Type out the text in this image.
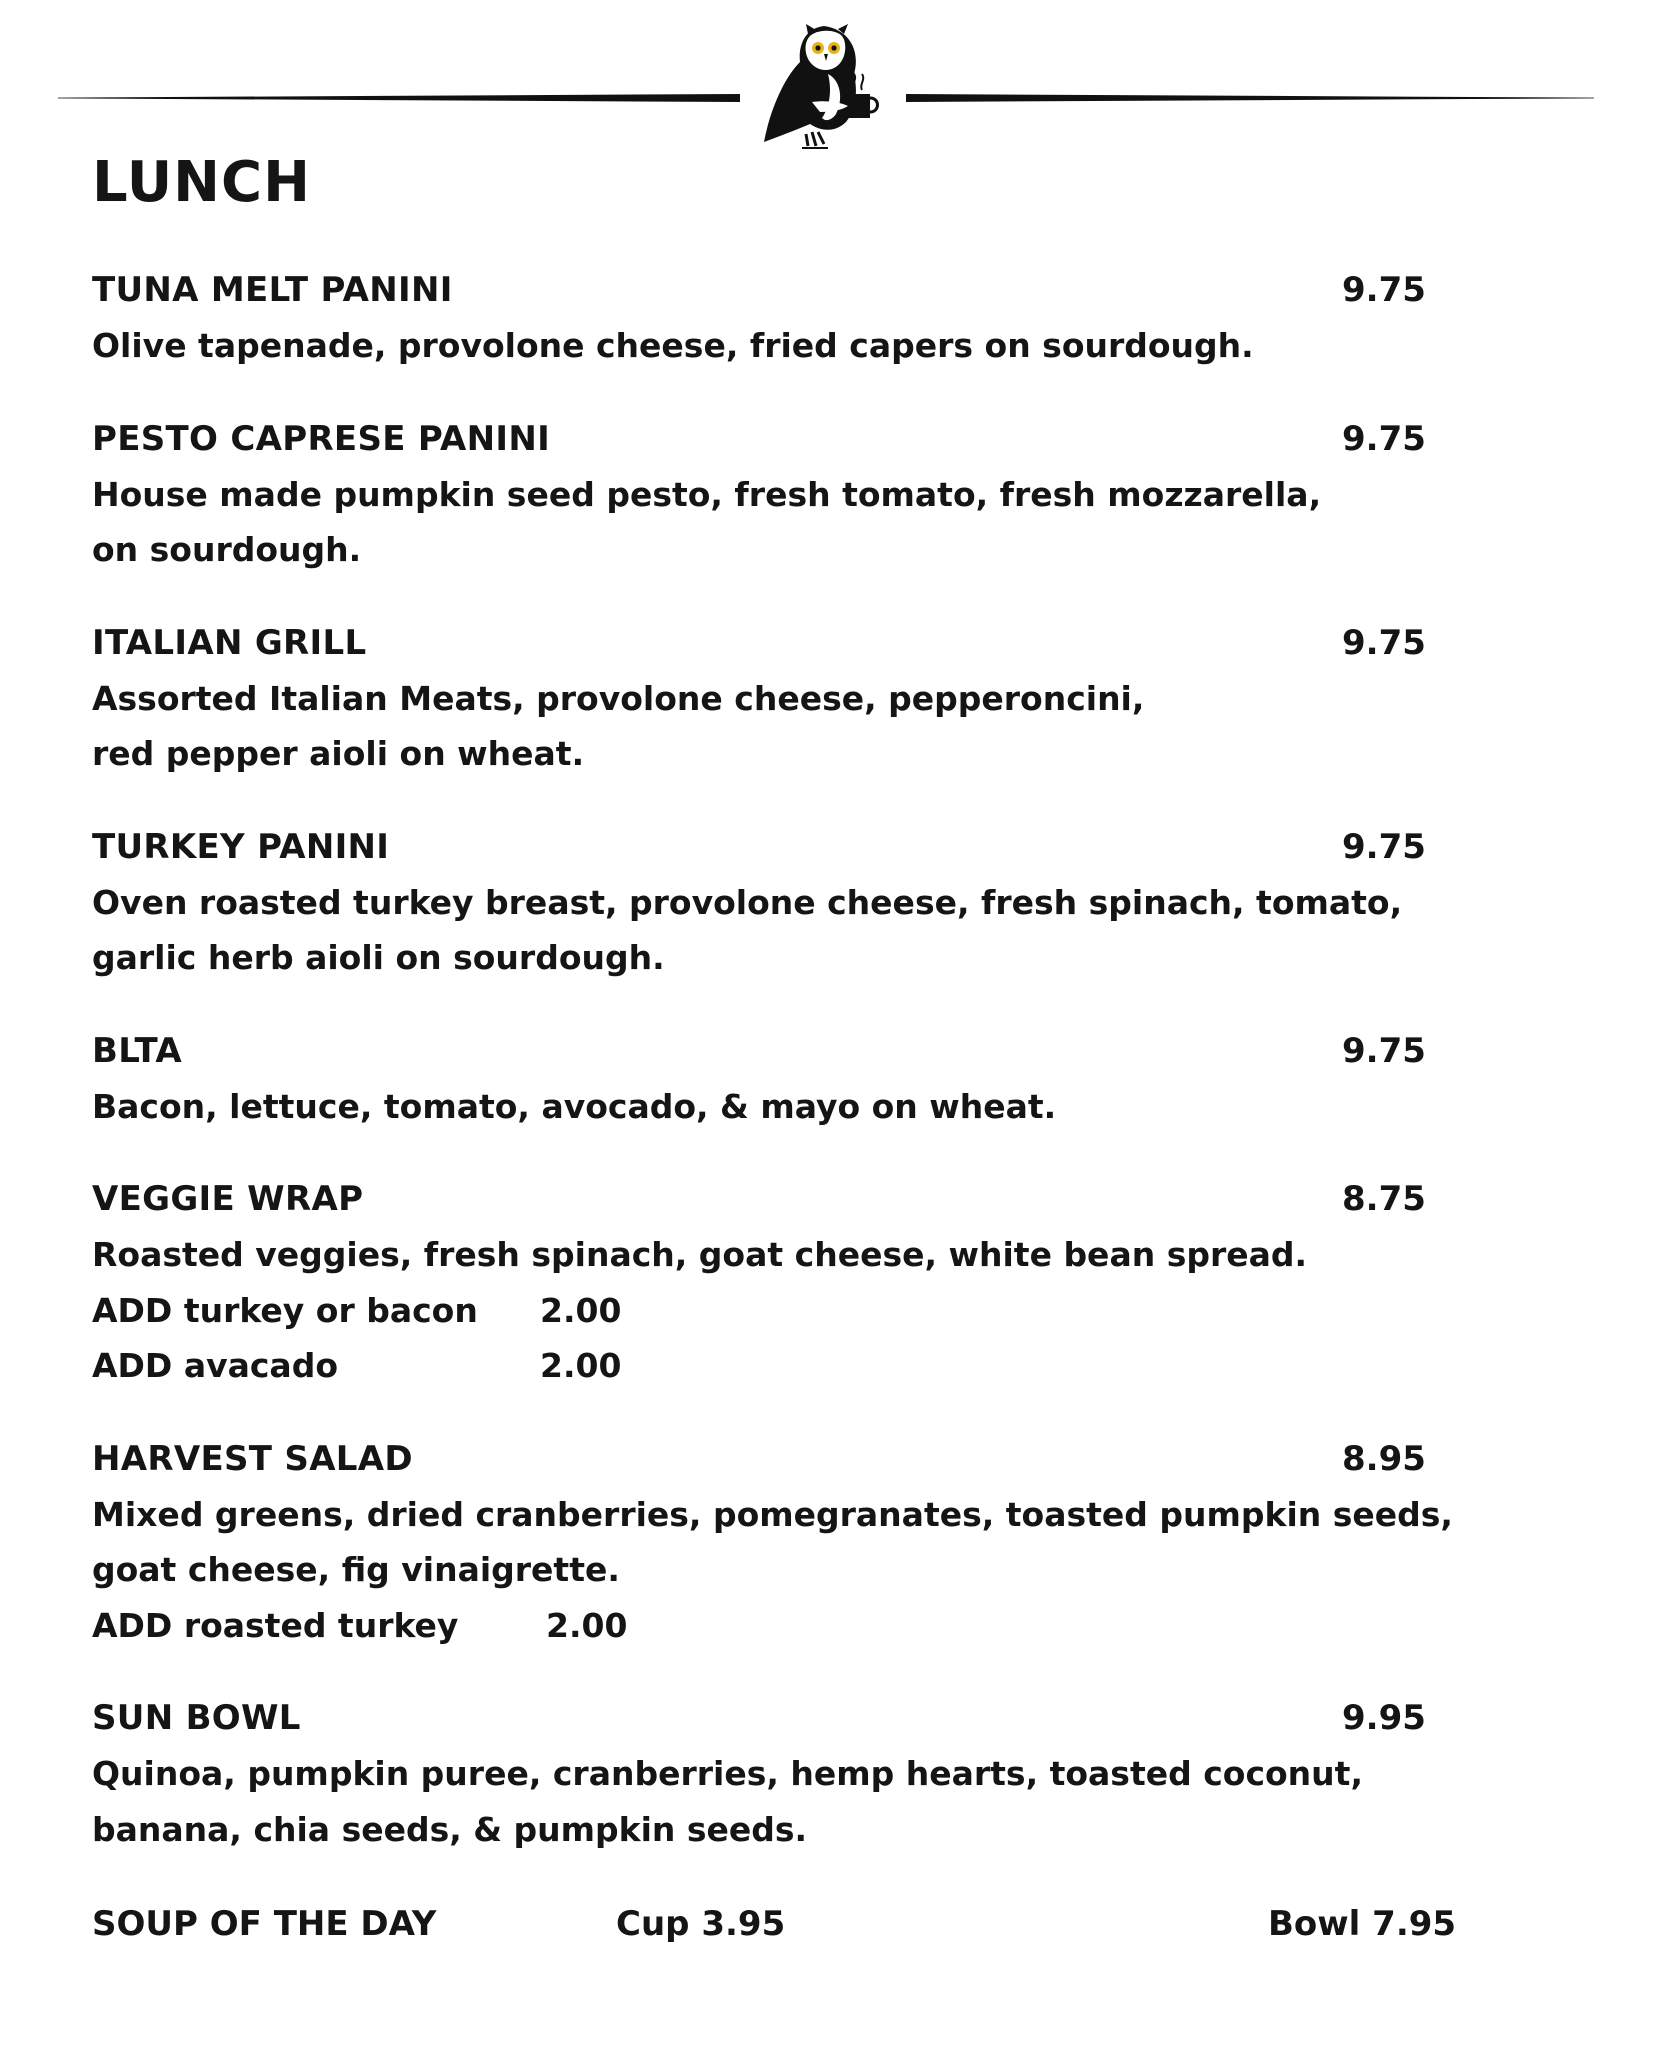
LUNCH
TUNA MELT PANINI	9.75

Olive tapenade, provolone cheese, fried capers on sourdough.

PESTO CAPRESE PANINI	9.75

House made pumpkin seed pesto, fresh tomato, fresh mozzarella,
on sourdough.

ITALIAN GRILL	9.75

Assorted Italian Meats, provolone cheese, pepperoncini,
red pepper aioli on wheat.

TURKEY PANINI	9.75

Oven roasted turkey breast, provolone cheese, fresh spinach, tomato,
garlic herb aioli on sourdough.

BLTA	9.75

Bacon, lettuce, tomato, avocado, & mayo on wheat.

VEGGIE WRAP	8.75

Roasted veggies, fresh spinach, goat cheese, white bean spread.

ADD turkey or bacon 2.00
ADD avacado	2.00
HARVEST SALAD	8.95

Mixed greens, dried cranberries, pomegranates, toasted pumpkin seeds,
goat cheese, fig vinaigrette.

ADD roasted turkey	2.00
SUN BOWL	9.95

Quinoa, pumpkin puree, cranberries, hemp hearts, toasted coconut,
banana, chia seeds, & pumpkin seeds.

SOUP OF THE DAY	Cup 3.95	Bowl 7.95
